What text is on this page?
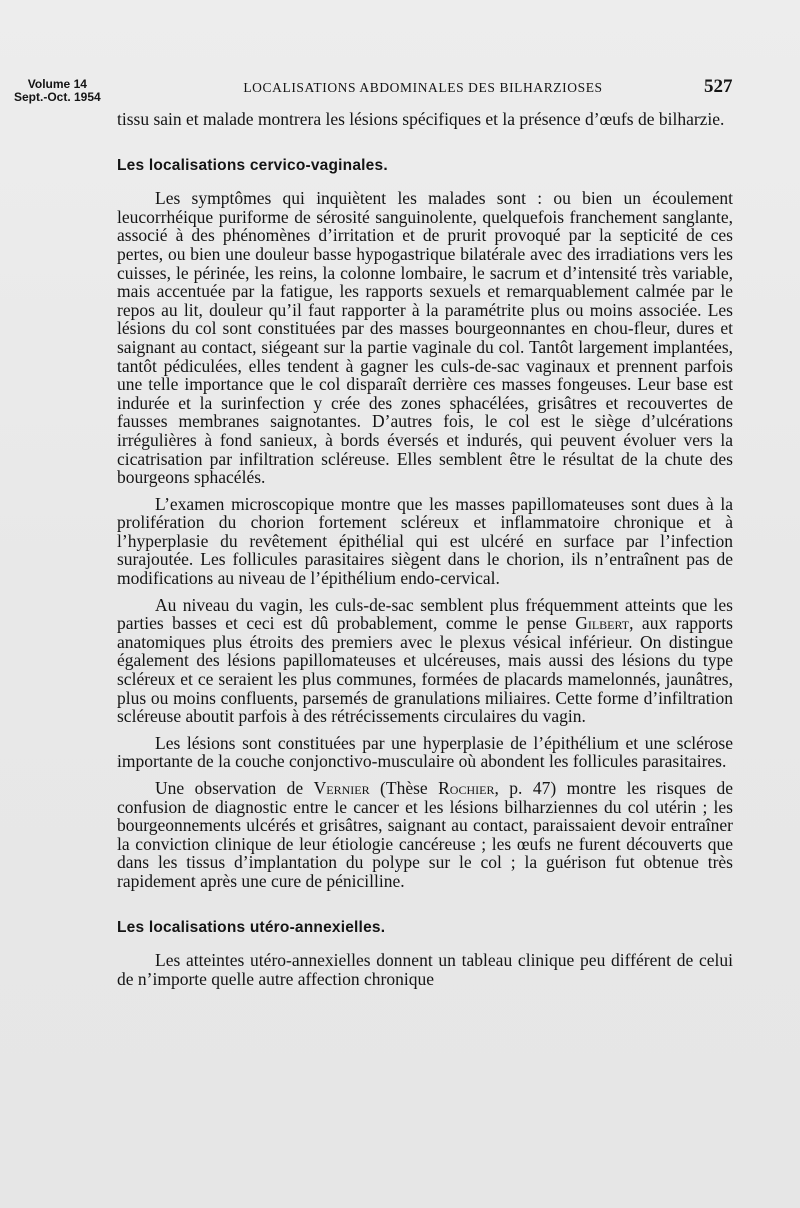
Volume 14
Sept.-Oct. 1954
LOCALISATIONS ABDOMINALES DES BILHARZIOSES	527

tissu sain et malade montrera les lésions spécifiques et la présence d’œufs de bilharzie.

Les localisations cervico-vaginales.

Les symptômes qui inquiètent les malades sont : ou bien un écoulement leucorrhéique puriforme de sérosité sanguinolente, quelquefois franchement sanglante, associé à des phénomènes d’irritation et de prurit provoqué par la septicité de ces pertes, ou bien une douleur basse hypogastrique bilatérale avec des irradiations vers les cuisses, le périnée, les reins, la colonne lombaire, le sacrum et d’intensité très variable, mais accentuée par la fatigue, les rapports sexuels et remarquablement calmée par le repos au lit, douleur qu’il faut rapporter à la paramétrite plus ou moins associée. Les lésions du col sont constituées par des masses bourgeonnantes en chou-fleur, dures et saignant au contact, siégeant sur la partie vaginale du col. Tantôt largement implantées, tantôt pédiculées, elles tendent à gagner les culs-de-sac vaginaux et prennent parfois une telle importance que le col disparaît derrière ces masses fongeuses. Leur base est indurée et la surinfection y crée des zones sphacélées, grisâtres et recouvertes de fausses membranes saignotantes. D’autres fois, le col est le siège d’ulcérations irrégulières à fond sanieux, à bords éversés et indurés, qui peuvent évoluer vers la cicatrisation par infiltration scléreuse. Elles semblent être le résultat de la chute des bourgeons sphacélés.

L’examen microscopique montre que les masses papillomateuses sont dues à la prolifération du chorion fortement scléreux et inflammatoire chronique et à l’hyperplasie du revêtement épithélial qui est ulcéré en surface par l’infection surajoutée. Les follicules parasitaires siègent dans le chorion, ils n’entraînent pas de modifications au niveau de l’épithélium endo-cervical.

Au niveau du vagin, les culs-de-sac semblent plus fréquemment atteints que les parties basses et ceci est dû probablement, comme le pense Gilbert, aux rapports anatomiques plus étroits des premiers avec le plexus vésical inférieur. On distingue également des lésions papillomateuses et ulcéreuses, mais aussi des lésions du type scléreux et ce seraient les plus communes, formées de placards mamelonnés, jaunâtres, plus ou moins confluents, parsemés de granulations miliaires. Cette forme d’infiltration scléreuse aboutit parfois à des rétrécissements circulaires du vagin.

Les lésions sont constituées par une hyperplasie de l’épithélium et une sclérose importante de la couche conjonctivo-musculaire où abondent les follicules parasitaires.

Une observation de Vernier (Thèse Rochier, p. 47) montre les risques de confusion de diagnostic entre le cancer et les lésions bilharziennes du col utérin ; les bourgeonnements ulcérés et grisâtres, saignant au contact, paraissaient devoir entraîner la conviction clinique de leur étiologie cancéreuse ; les œufs ne furent découverts que dans les tissus d’implantation du polype sur le col ; la guérison fut obtenue très rapidement après une cure de pénicilline.

Les localisations utéro-annexielles.

Les atteintes utéro-annexielles donnent un tableau clinique peu différent de celui de n’importe quelle autre affection chronique
